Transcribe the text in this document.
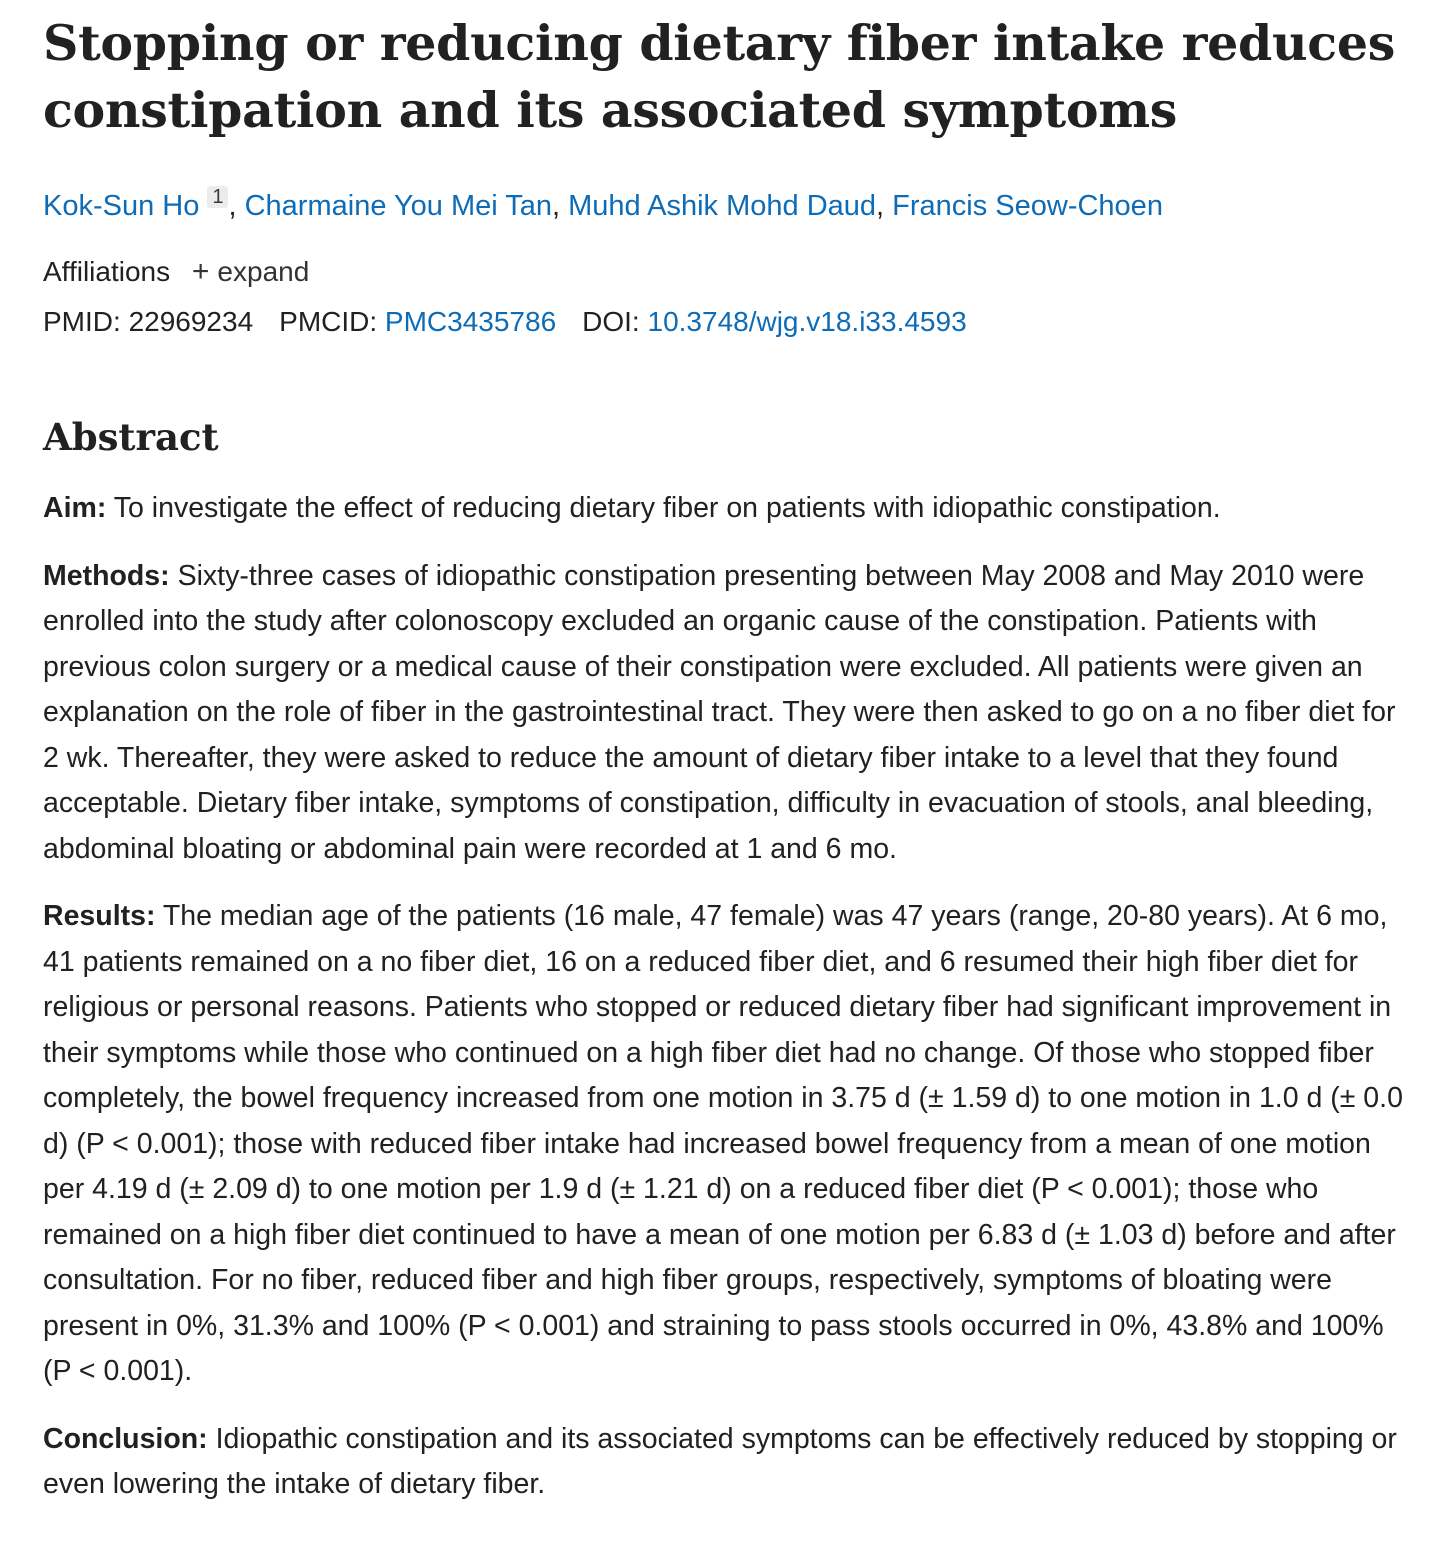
Stopping or reducing dietary fiber intake reduces constipation and its associated symptoms
Kok-Sun Ho 1 , Charmaine You Mei Tan, Muhd Ashik Mohd Daud, Francis Seow-Choen
Affiliations + expand
PMID: 22969234 PMCID: PMC3435786 DOI: 10.3748/wjg.v18.i33.4593
Abstract

Aim: To investigate the effect of reducing dietary fiber on patients with idiopathic constipation.

Methods: Sixty-three cases of idiopathic constipation presenting between May 2008 and May 2010 were enrolled into the study after colonoscopy excluded an organic cause of the constipation. Patients with previous colon surgery or a medical cause of their constipation were excluded. All patients were given an explanation on the role of fiber in the gastrointestinal tract. They were then asked to go on a no fiber diet for 2 wk. Thereafter, they were asked to reduce the amount of dietary fiber intake to a level that they found acceptable. Dietary fiber intake, symptoms of constipation, difficulty in evacuation of stools, anal bleeding, abdominal bloating or abdominal pain were recorded at 1 and 6 mo.

Results: The median age of the patients (16 male, 47 female) was 47 years (range, 20-80 years). At 6 mo, 41 patients remained on a no fiber diet, 16 on a reduced fiber diet, and 6 resumed their high fiber diet for religious or personal reasons. Patients who stopped or reduced dietary fiber had significant improvement in their symptoms while those who continued on a high fiber diet had no change. Of those who stopped fiber completely, the bowel frequency increased from one motion in 3.75 d (± 1.59 d) to one motion in 1.0 d (± 0.0 d) (P < 0.001); those with reduced fiber intake had increased bowel frequency from a mean of one motion per 4.19 d (± 2.09 d) to one motion per 1.9 d (± 1.21 d) on a reduced fiber diet (P < 0.001); those who remained on a high fiber diet continued to have a mean of one motion per 6.83 d (± 1.03 d) before and after consultation. For no fiber, reduced fiber and high fiber groups, respectively, symptoms of bloating were present in 0%, 31.3% and 100% (P < 0.001) and straining to pass stools occurred in 0%, 43.8% and 100% (P < 0.001).

Conclusion: Idiopathic constipation and its associated symptoms can be effectively reduced by stopping or even lowering the intake of dietary fiber.
